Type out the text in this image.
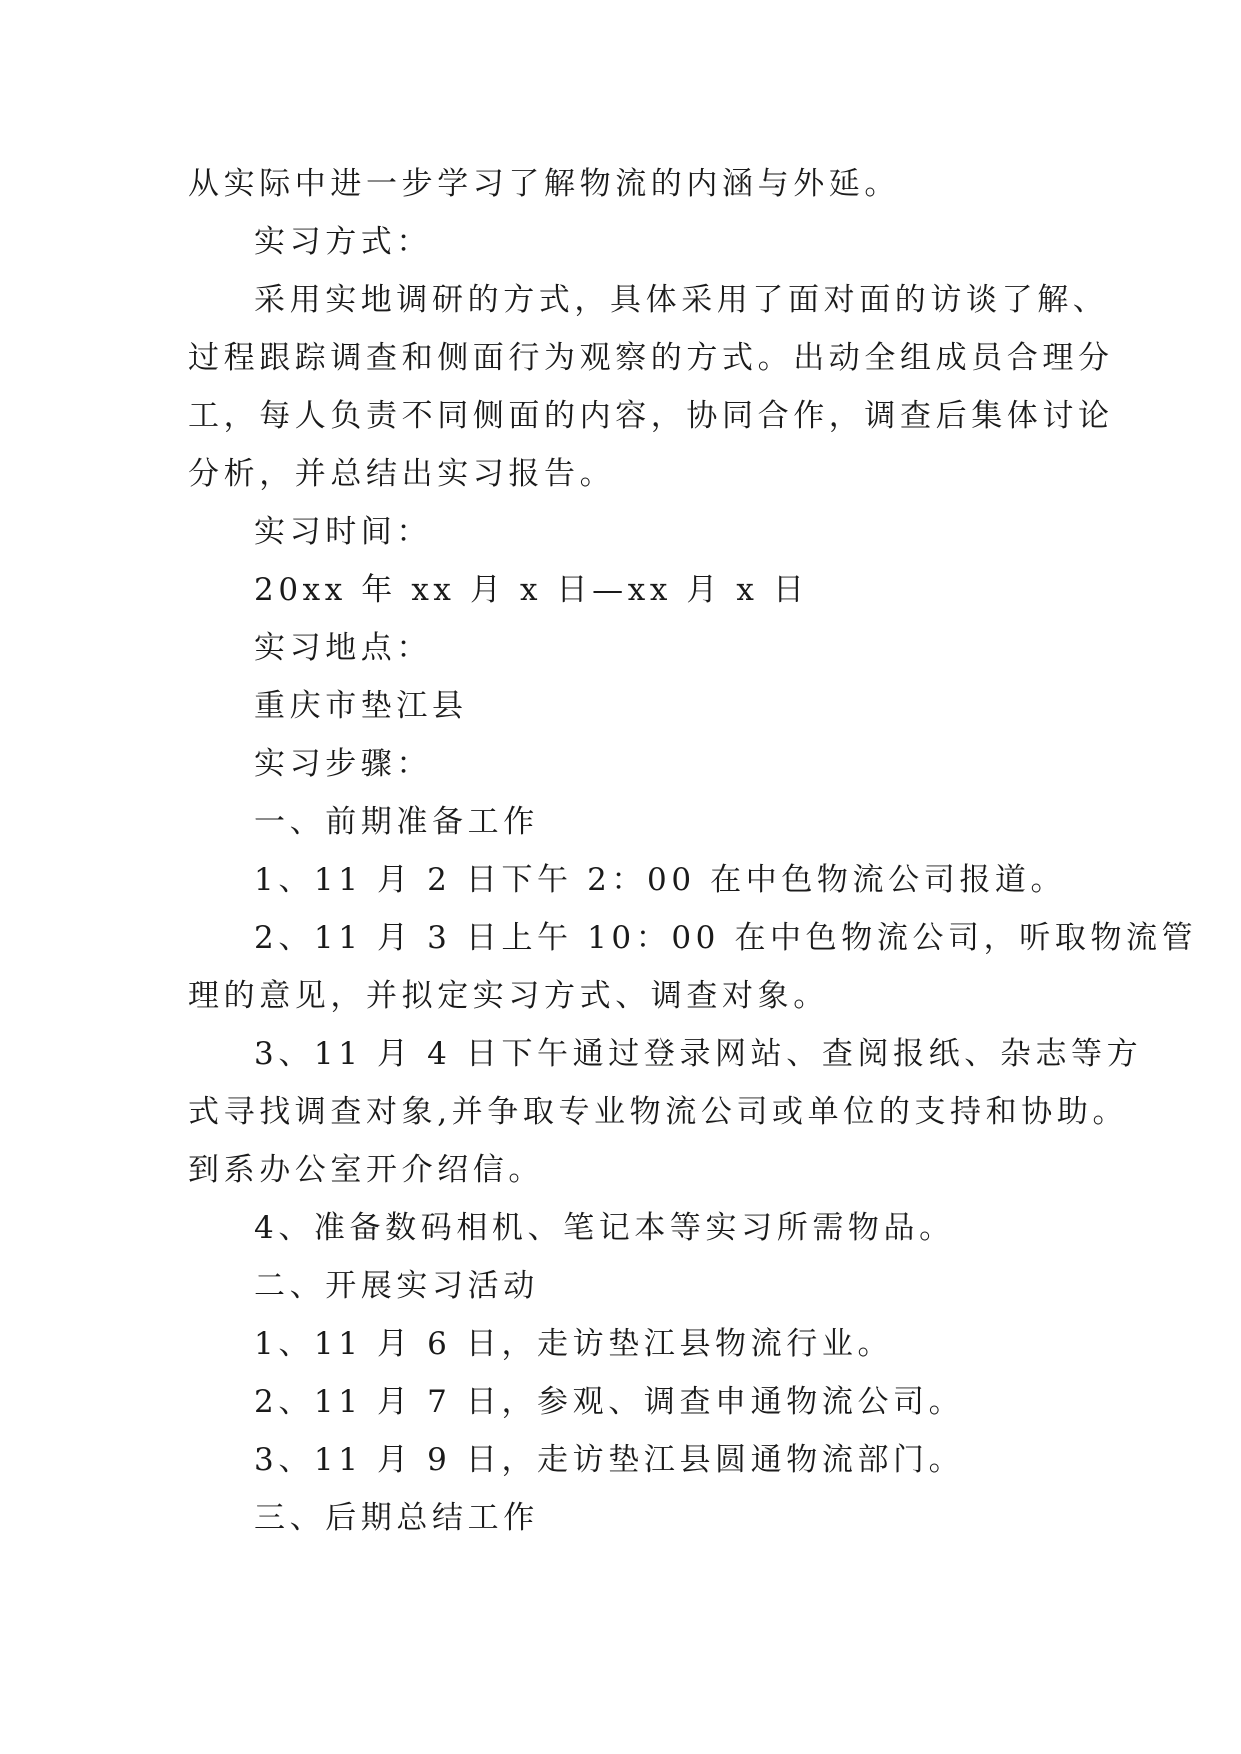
从实际中进一步学习了解物流的内涵与外延。
实习方式：
采用实地调研的方式，具体采用了面对面的访谈了解、
过程跟踪调查和侧面行为观察的方式。出动全组成员合理分
工，每人负责不同侧面的内容，协同合作，调查后集体讨论
分析，并总结出实习报告。
实习时间：
20xx 年 xx 月 x 日—xx 月 x 日
实习地点：
重庆市垫江县
实习步骤：
一、前期准备工作
1、11 月 2 日下午 2：00 在中色物流公司报道。
2、11 月 3 日上午 10：00 在中色物流公司，听取物流管
理的意见，并拟定实习方式、调查对象。
3、11 月 4 日下午通过登录网站、查阅报纸、杂志等方
式寻找调查对象,并争取专业物流公司或单位的支持和协助。
到系办公室开介绍信。
4、准备数码相机、笔记本等实习所需物品。
二、开展实习活动
1、11 月 6 日，走访垫江县物流行业。
2、11 月 7 日，参观、调查申通物流公司。
3、11 月 9 日，走访垫江县圆通物流部门。
三、后期总结工作
